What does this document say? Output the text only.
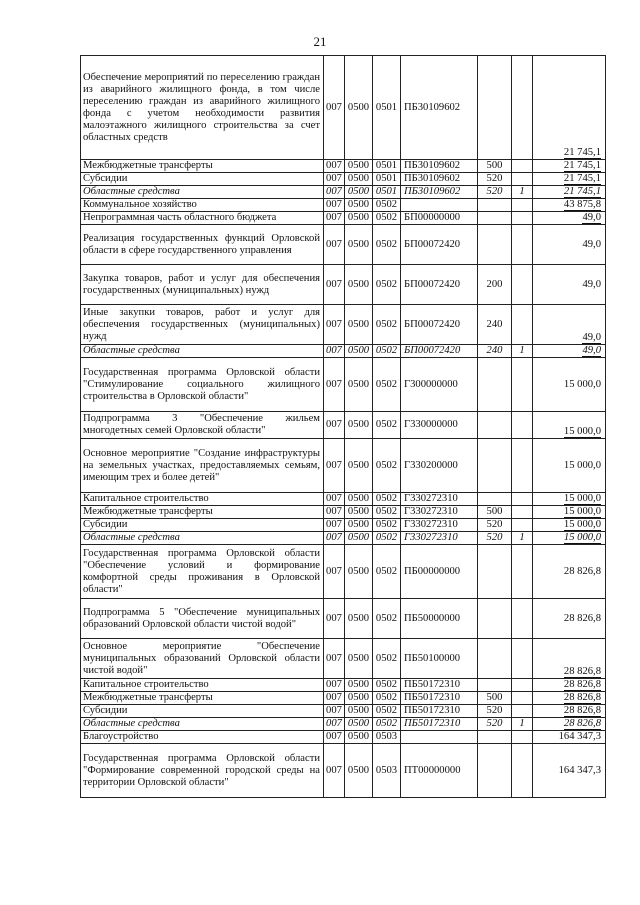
21
Обеспечение мероприятий по переселению граждан из аварийного жилищного фонда, в том числе переселению граждан из аварийного жилищного фонда с учетом необходимости развития малоэтажного жилищного строительства за счет областных средств	007	0500	0501	ПБ30109602			21 745,1
Межбюджетные трансферты	007	0500	0501	ПБ30109602	500		21 745,1
Субсидии	007	0500	0501	ПБ30109602	520		21 745,1
Областные средства	007	0500	0501	ПБ30109602	520	1	21 745,1
Коммунальное хозяйство	007	0500	0502				43 875,8
Непрограммная часть областного бюджета	007	0500	0502	БП00000000			49,0
Реализация государственных функций Орловской области в сфере государственного управления	007	0500	0502	БП00072420			49,0
Закупка товаров, работ и услуг для обеспечения государственных (муниципальных) нужд	007	0500	0502	БП00072420	200		49,0
Иные закупки товаров, работ и услуг для обеспечения государственных (муниципальных) нужд	007	0500	0502	БП00072420	240		49,0
Областные средства	007	0500	0502	БП00072420	240	1	49,0
Государственная программа Орловской области "Стимулирование социального жилищного строительства в Орловской области"	007	0500	0502	Г300000000			15 000,0
Подпрограмма 3 "Обеспечение жильем многодетных семей Орловской области"	007	0500	0502	Г330000000			15 000,0
Основное мероприятие "Создание инфраструктуры на земельных участках, предоставляемых семьям, имеющим трех и более детей"	007	0500	0502	Г330200000			15 000,0
Капитальное строительство	007	0500	0502	Г330272310			15 000,0
Межбюджетные трансферты	007	0500	0502	Г330272310	500		15 000,0
Субсидии	007	0500	0502	Г330272310	520		15 000,0
Областные средства	007	0500	0502	Г330272310	520	1	15 000,0
Государственная программа Орловской области "Обеспечение условий и формирование комфортной среды проживания в Орловской области"	007	0500	0502	ПБ00000000			28 826,8
Подпрограмма 5 "Обеспечение муниципальных образований Орловской области чистой водой"	007	0500	0502	ПБ50000000			28 826,8
Основное мероприятие "Обеспечение муниципальных образований Орловской области чистой водой"	007	0500	0502	ПБ50100000			28 826,8
Капитальное строительство	007	0500	0502	ПБ50172310			28 826,8
Межбюджетные трансферты	007	0500	0502	ПБ50172310	500		28 826,8
Субсидии	007	0500	0502	ПБ50172310	520		28 826,8
Областные средства	007	0500	0502	ПБ50172310	520	1	28 826,8
Благоустройство	007	0500	0503				164 347,3
Государственная программа Орловской области "Формирование современной городской среды на территории Орловской области"	007	0500	0503	ПТ00000000			164 347,3
